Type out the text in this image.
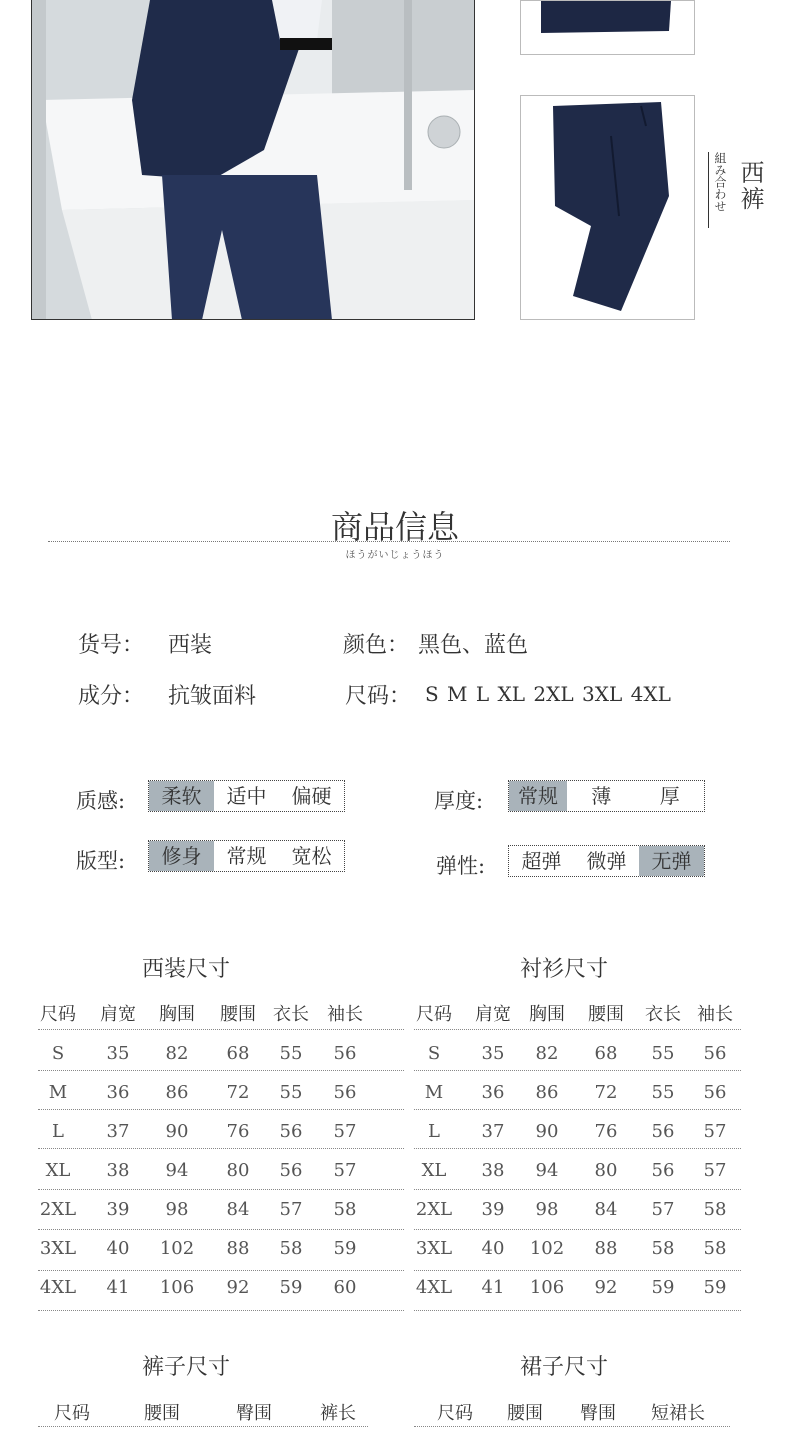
西裤
組み合わせ
商品信息
ほうがいじょうほう
货号： 西装	颜色： 黑色、蓝色
成分： 抗皱面料	尺码： S M L XL 2XL 3XL 4XL
质感:	柔软	适中	偏硬	厚度:	常规	薄	厚
版型:	修身	常规	宽松	弹性:	超弹	微弹	无弹
西装尺寸	衬衫尺寸
尺码	肩宽	胸围	腰围 衣长	袖长
S	35	82	68	55	56
M	36	86	72	55	56
L	37	90	76	56	57
XL	38	94	80	56	57
2XL	39	98	84	57	58
3XL	40	102	88	58	59
4XL	41	106	92	59	60
尺码	肩宽	胸围	腰围	衣长 袖长
S	35	82	68	55	56
M	36	86	72	55	56
L	37	90	76	56	57
XL	38	94	80	56	57
2XL	39	98	84	57	58
3XL	40	102	88	58	58
4XL	41	106	92	59	59
裤子尺寸	裙子尺寸
尺码	腰围	臀围	裤长	尺码	腰围	臀围	短裙长
